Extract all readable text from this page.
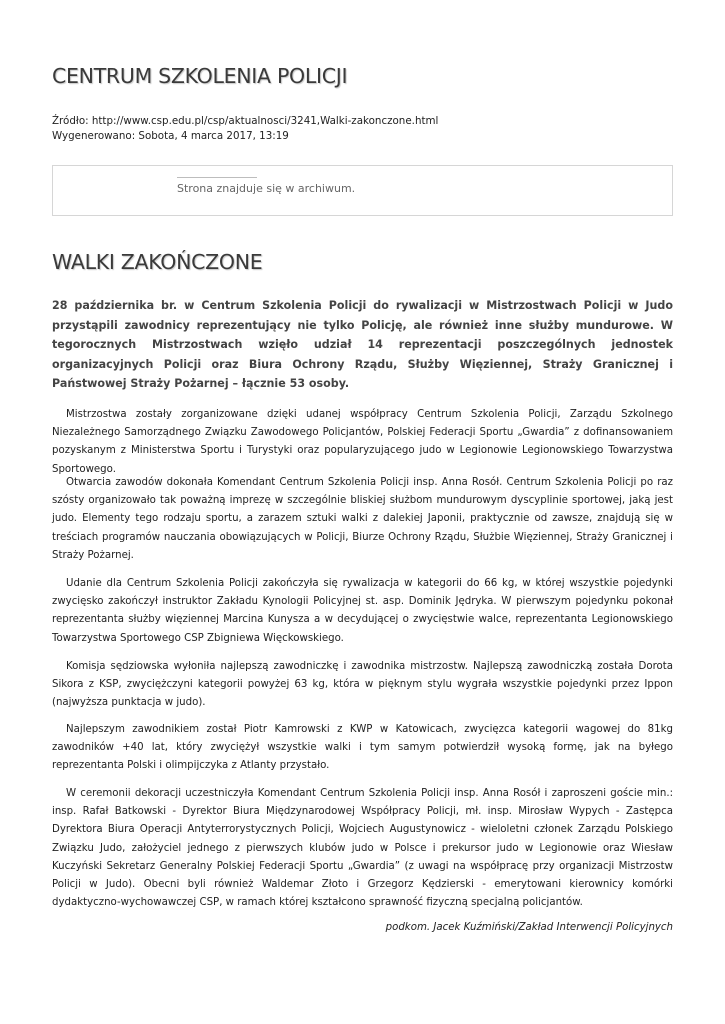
CENTRUM SZKOLENIA POLICJI
Źródło: http://www.csp.edu.pl/csp/aktualnosci/3241,Walki-zakonczone.html
Wygenerowano: Sobota, 4 marca 2017, 13:19
Strona znajduje się w archiwum.
WALKI ZAKOŃCZONE

28 października br. w Centrum Szkolenia Policji do rywalizacji w Mistrzostwach Policji w Judo przystąpili zawodnicy reprezentujący nie tylko Policję, ale również inne służby mundurowe. W tegorocznych Mistrzostwach wzięło udział 14 reprezentacji poszczególnych jednostek organizacyjnych Policji oraz Biura Ochrony Rządu, Służby Więziennej, Straży Granicznej i Państwowej Straży Pożarnej – łącznie 53 osoby.

Mistrzostwa zostały zorganizowane dzięki udanej współpracy Centrum Szkolenia Policji, Zarządu Szkolnego Niezależnego Samorządnego Związku Zawodowego Policjantów, Polskiej Federacji Sportu „Gwardia” z dofinansowaniem pozyskanym z Ministerstwa Sportu i Turystyki oraz popularyzującego judo w Legionowie Legionowskiego Towarzystwa Sportowego.

Otwarcia zawodów dokonała Komendant Centrum Szkolenia Policji insp. Anna Rosół. Centrum Szkolenia Policji po raz szósty organizowało tak poważną imprezę w szczególnie bliskiej służbom mundurowym dyscyplinie sportowej, jaką jest judo. Elementy tego rodzaju sportu, a zarazem sztuki walki z dalekiej Japonii, praktycznie od zawsze, znajdują się w treściach programów nauczania obowiązujących w Policji, Biurze Ochrony Rządu, Służbie Więziennej, Straży Granicznej i Straży Pożarnej.

Udanie dla Centrum Szkolenia Policji zakończyła się rywalizacja w kategorii do 66 kg, w której wszystkie pojedynki zwycięsko zakończył instruktor Zakładu Kynologii Policyjnej st. asp. Dominik Jędryka. W pierwszym pojedynku pokonał reprezentanta służby więziennej Marcina Kunysza a w decydującej o zwycięstwie walce, reprezentanta Legionowskiego Towarzystwa Sportowego CSP Zbigniewa Więckowskiego.

Komisja sędziowska wyłoniła najlepszą zawodniczkę i zawodnika mistrzostw. Najlepszą zawodniczką została Dorota Sikora z KSP, zwyciężczyni kategorii powyżej 63 kg, która w pięknym stylu wygrała wszystkie pojedynki przez Ippon (najwyższa punktacja w judo).

Najlepszym zawodnikiem został Piotr Kamrowski z KWP w Katowicach, zwycięzca kategorii wagowej do 81kg zawodników +40 lat, który zwyciężył wszystkie walki i tym samym potwierdził wysoką formę, jak na byłego reprezentanta Polski i olimpijczyka z Atlanty przystało.

W ceremonii dekoracji uczestniczyła Komendant Centrum Szkolenia Policji insp. Anna Rosół i zaproszeni goście min.: insp. Rafał Batkowski - Dyrektor Biura Międzynarodowej Współpracy Policji, mł. insp. Mirosław Wypych - Zastępca Dyrektora Biura Operacji Antyterrorystycznych Policji, Wojciech Augustynowicz - wieloletni członek Zarządu Polskiego Związku Judo, założyciel jednego z pierwszych klubów judo w Polsce i prekursor judo w Legionowie oraz Wiesław Kuczyński Sekretarz Generalny Polskiej Federacji Sportu „Gwardia” (z uwagi na współpracę przy organizacji Mistrzostw Policji w Judo). Obecni byli również Waldemar Złoto i Grzegorz Kędzierski - emerytowani kierownicy komórki dydaktyczno-wychowawczej CSP, w ramach której kształcono sprawność fizyczną specjalną policjantów.

podkom. Jacek Kuźmiński/Zakład Interwencji Policyjnych
